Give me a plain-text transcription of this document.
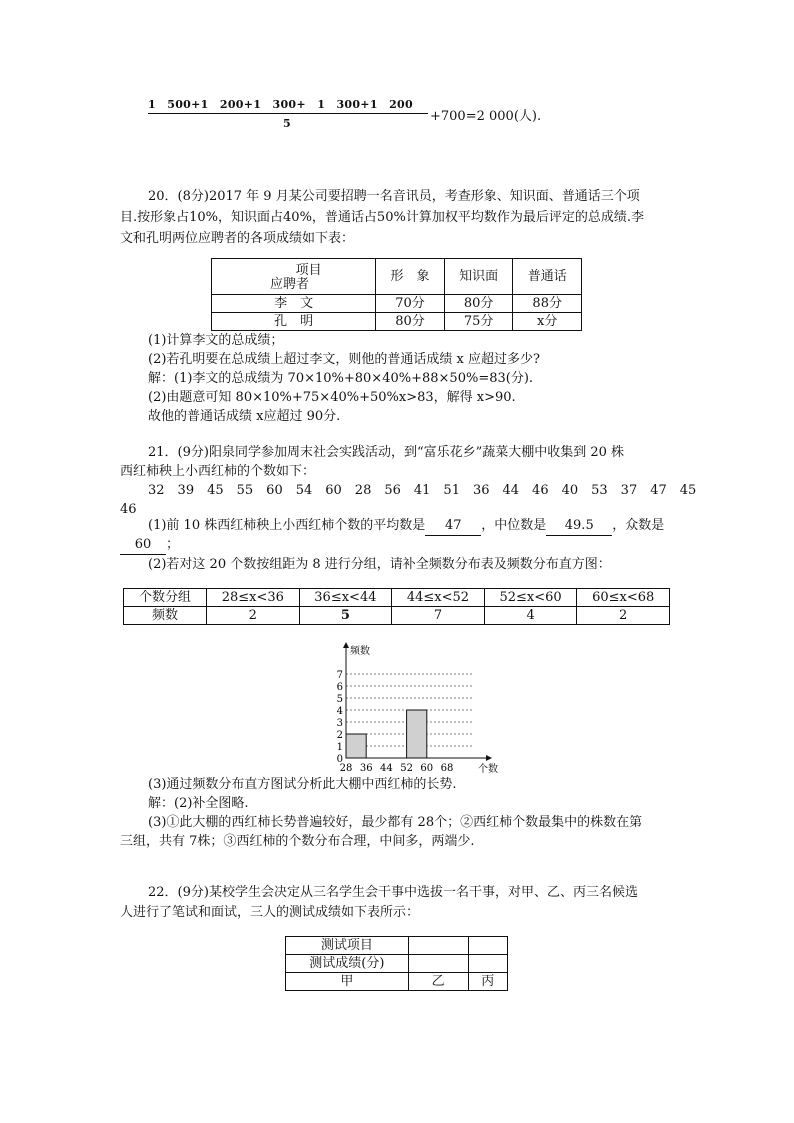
1　500+1　200+1　300+　1　300+1　200
5	+700=2 000(人).
20．(8分)2017 年 9 月某公司要招聘一名音讯员，考查形象、知识面、普通话三个项
目.按形象占10%，知识面占40%，普通话占50%计算加权平均数作为最后评定的总成绩.李
文和孔明两位应聘者的各项成绩如下表：
项目
应聘者	形　象	知识面	普通话
李　文	70分	80分	88分
孔　明	80分	75分	x分
(1)计算李文的总成绩；
(2)若孔明要在总成绩上超过李文，则他的普通话成绩 x 应超过多少?
解：(1)李文的总成绩为 70×10%+80×40%+88×50%=83(分).
(2)由题意可知 80×10%+75×40%+50%x>83，解得 x>90.
故他的普通话成绩 x应超过 90分.
21．(9分)阳泉同学参加周末社会实践活动，到“富乐花乡”蔬菜大棚中收集到 20 株
西红柿秧上小西红柿的个数如下：
32　39　45　55　60　54　60　28　56　41　51　36　44　46　40　53　37　47　45
46
(1)前 10 株西红柿秧上小西红柿个数的平均数是 47 ，中位数是 49.5 ，众数是
60 ；
(2)若对这 20 个数按组距为 8 进行分组，请补全频数分布表及频数分布直方图：
个数分组	28≤x<36	36≤x<44	44≤x<52	52≤x<60	60≤x<68
频数	2	5	7	4	2
0
1
2
3
4
5
6
7
28 36 44 52 60 68
频数
个数
(3)通过频数分布直方图试分析此大棚中西红柿的长势.
解：(2)补全图略.
(3)①此大棚的西红柿长势普遍较好，最少都有 28个；②西红柿个数最集中的株数在第
三组，共有 7株；③西红柿的个数分布合理，中间多，两端少.
22．(9分)某校学生会决定从三名学生会干事中选拔一名干事，对甲、乙、丙三名候选
人进行了笔试和面试，三人的测试成绩如下表所示：
测试项目		
测试成绩(分)		
甲	乙	丙
